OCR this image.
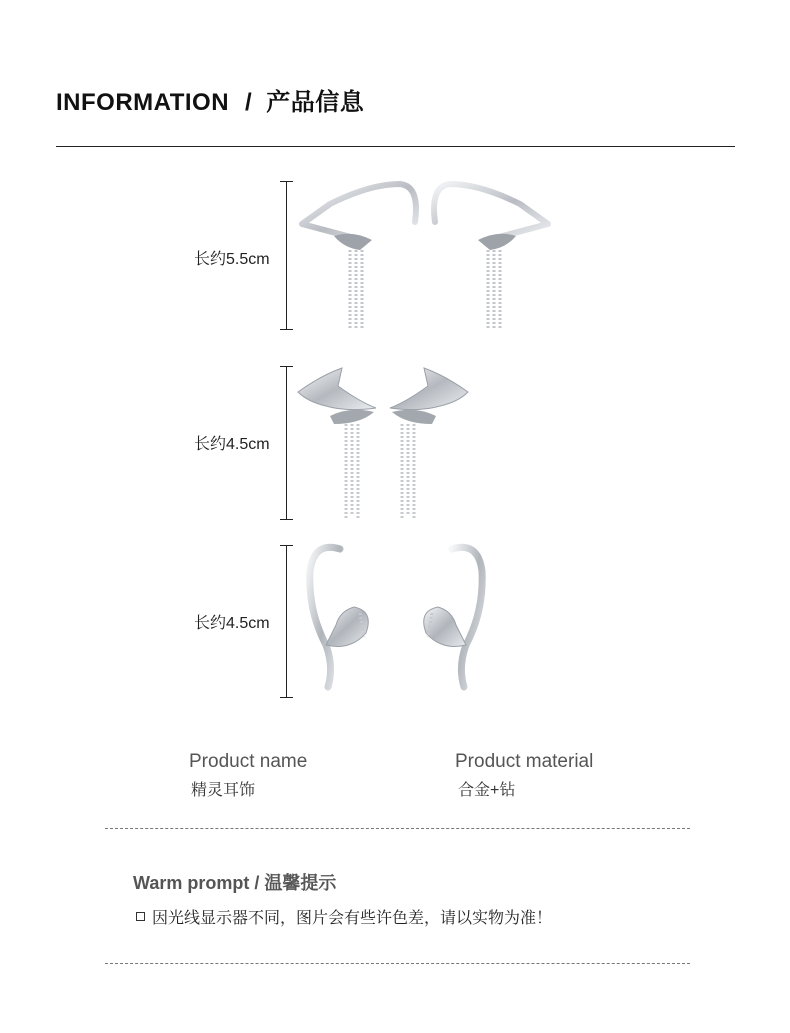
INFORMATION / 产品信息
长约5.5cm
长约4.5cm
长约4.5cm
Product name
精灵耳饰
Product material
合金+钻
Warm prompt / 温馨提示
因光线显示器不同，图片会有些许色差，请以实物为准！
